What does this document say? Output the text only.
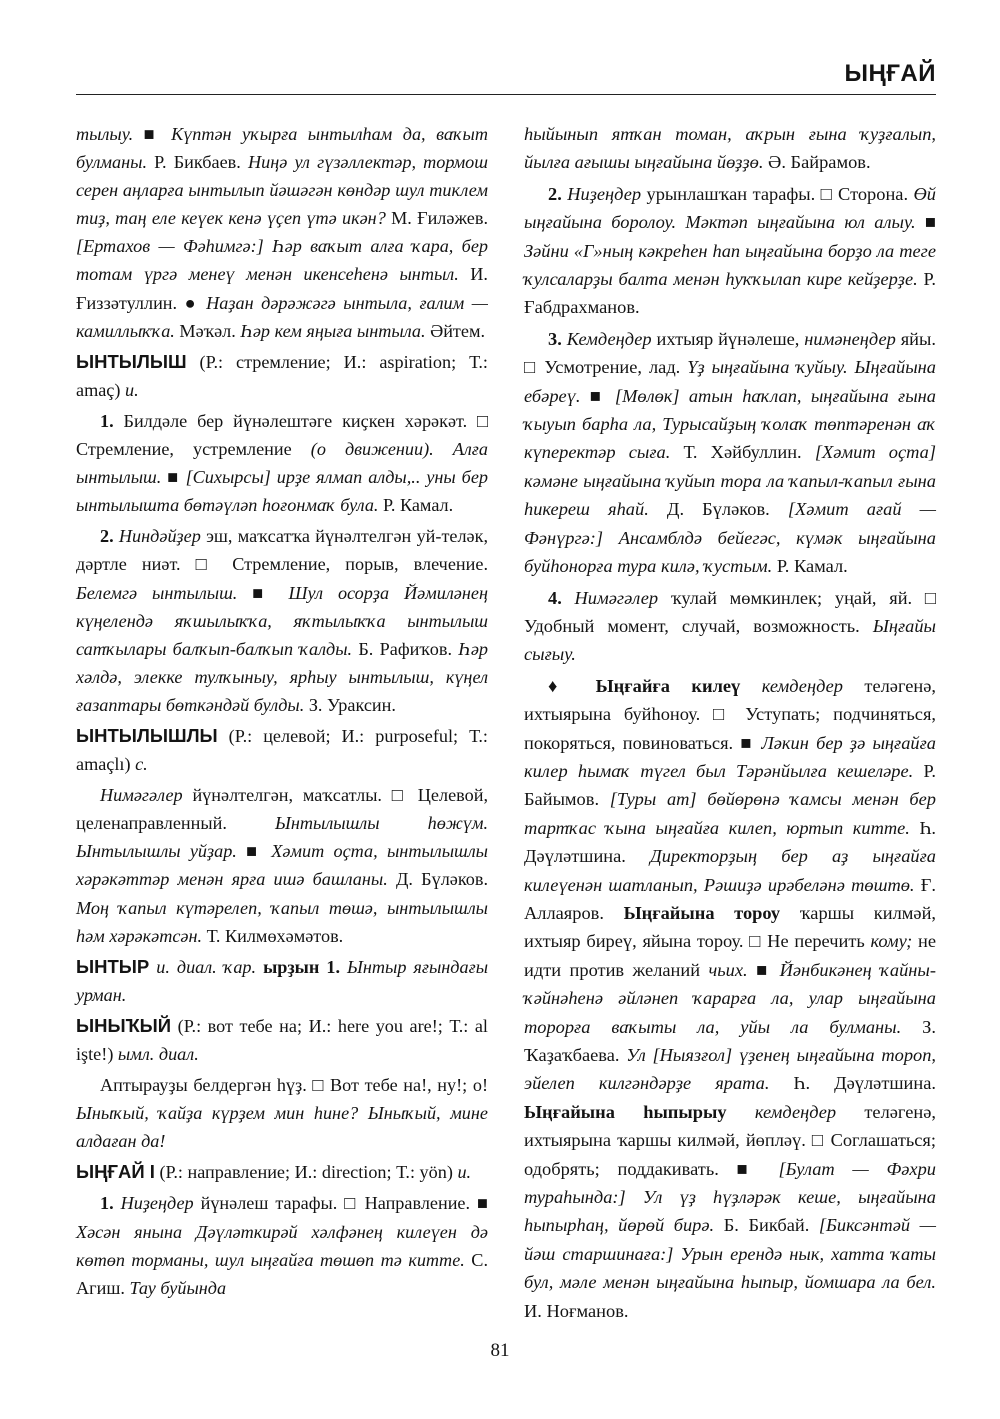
ЫҢҒАЙ

тылыу. ■ Күптән уҡырға ынтылһам да, ваҡыт булманы. Р. Бикбаев. Ниңә ул гүзәллектәр, тормош серен аңларға ынтылып йәшәгән көндәр шул тиклем тиҙ, таң еле кеүек кенә үҫеп үтә икән? М. Ғиләжев. [Ертахов — Фәһимгә:] Һәр ваҡыт алға ҡара, бер тотам үргә менеү менән икенсеһенә ынтыл. И. Ғиззәтуллин. ● Наҙан дәрәжәгә ынтыла, ғалим — камиллыҡҡа. Мәҡәл. Һәр кем яңыға ынтыла. Әйтем.

ЫНТЫЛЫШ (Р.: стремление; И.: aspiration; Т.: amaç) и.

1. Билдәле бер йүнәлештәге киҫкен хәрәкәт. □ Стремление, устремление (о движении). Алға ынтылыш. ■ [Сихырсы] ирҙе ялмап алды,.. уны бер ынтылышта бөтәүләп һоғонмаҡ була. Р. Камал.

2. Ниндәйҙер эш, маҡсатҡа йүнәлтелгән уй-теләк, дәртле ниәт. □ Стремление, порыв, влечение. Белемгә ынтылыш. ■ Шул осорҙа Йәмиләнең күңелендә яҡшылыҡҡа, яҡтылыҡҡа ынтылыш сатҡылары балҡып-балҡып ҡалды. Б. Рафиҡов. Һәр хәлдә, элекке тулҡыныу, ярһыу ынтылыш, күңел ғазаптары бөткәндәй булды. З. Ураксин.

ЫНТЫЛЫШЛЫ (Р.: целевой; И.: purposeful; Т.: amaçlı) с.

Нимәгәлер йүнәлтелгән, маҡсатлы. □ Целевой, целенаправленный. Ынтылышлы һөжүм. Ынтылышлы уйҙар. ■ Хәмит оҫта, ынтылышлы хәрәкәттәр менән ярға ишә башланы. Д. Бүләков. Моң ҡапыл күтәрелеп, ҡапыл төшә, ынтылышлы һәм хәрәкәтсән. Т. Килмөхәмәтов.

ЫНТЫР и. диал. ҡар. ырҙын 1. Ынтыр яғындағы урман.

ЫНЫҠЫЙ (Р.: вот тебе на; И.: here you are!; Т.: al işte!) ымл. диал.

Аптырауҙы белдергән һүҙ. □ Вот тебе на!, ну!; о! Ыныҡый, ҡайҙа күрҙем мин һине? Ыныҡый, мине алдаған да!

ЫҢҒАЙ I (Р.: направление; И.: direction; Т.: yön) и.

1. Ниҙеңдер йүнәлеш тарафы. □ Направление. ■ Хәсән янына Дәүләткирәй хәлфәнең килеүен дә көтөп торманы, шул ыңғайға төшөп тә китте. С. Агиш. Тау буйында

һыйынып ятҡан томан, аҡрын ғына ҡуҙғалып, йылға ағышы ыңғайына йөҙҙө. Ә. Байрамов.

2. Ниҙеңдер урынлашҡан тарафы. □ Сторона. Өй ыңғайына боролоу. Мәктәп ыңғайына юл алыу. ■ Зәйни «Г»ның кәкреһен һап ыңғайына борҙо ла теге ҡулсаларҙы балта менән һуҡҡылап кире кейҙерҙе. Р. Ғабдрахманов.

3. Кемдеңдер ихтыяр йүнәлеше, нимәнеңдер яйы. □ Усмотрение, лад. Үҙ ыңғайына ҡуйыу. Ыңғайына ебәреү. ■ [Мөлөк] атын һаҡлап, ыңғайына ғына ҡыуып барһа ла, Турысайҙың ҡолаҡ төптәренән аҡ күперектәр сыға. Т. Хәйбуллин. [Хәмит оҫта] кәмәне ыңғайына ҡуйып тора ла ҡапыл-ҡапыл ғына һикереш яһай. Д. Бүләков. [Хәмит ағай — Фәнүргә:] Ансамблдә бейегәс, күмәк ыңғайына буйһонорға тура килә, ҡустым. Р. Камал.

4. Нимәгәлер ҡулай мөмкинлек; уңай, яй. □ Удобный момент, случай, возможность. Ыңғайы сығыу.

♦ Ыңғайға килеү кемдеңдер теләгенә, ихтыярына буйһоноу. □ Уступать; подчиняться, покоряться, повиноваться. ■ Ләкин бер ҙә ыңғайға килер һымаҡ түгел был Тәрәнйылға кешеләре. Р. Байымов. [Туры ат] бөйөрөнә ҡамсы менән бер тартҡас ҡына ыңғайға килеп, юртып китте. Һ. Дәүләтшина. Директорҙың бер аҙ ыңғайға килеүенән шатланып, Рәшиҙә ирәбеләнә төштө. Ғ. Аллаяров. Ыңғайына тороу ҡаршы килмәй, ихтыяр биреү, яйына тороу. □ Не перечить кому; не идти против желаний чьих. ■ Йәнбикәнең ҡайны-ҡәйнәһенә әйләнеп ҡарарға ла, улар ыңғайына торорға ваҡыты ла, уйы ла булманы. З. Ҡаҙаҡбаева. Ул [Ныязғол] үҙенең ыңғайына тороп, эйелеп килгәндәрҙе ярата. Һ. Дәүләтшина. Ыңғайына һыпырыу кемдеңдер теләгенә, ихтыярына ҡаршы килмәй, йөпләү. □ Соглашаться; одобрять; поддакивать. ■ [Булат — Фәхри тураһында:] Ул үҙ һүҙләрәк кеше, ыңғайына һыпырһаң, йөрөй бирә. Б. Бикбай. [Биксәнтәй — йәш старшинаға:] Урын ерендә нык, хатта ҡаты бул, мәле менән ыңғайына һыпыр, йомшара ла бел. И. Ноғманов.

81
